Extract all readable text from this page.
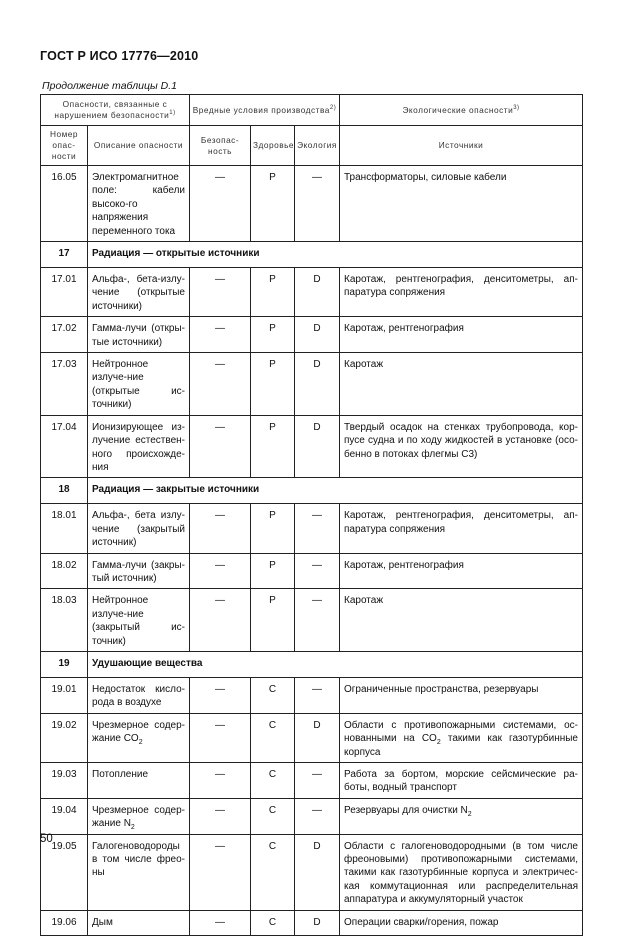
ГОСТ Р ИСО 17776—2010
Продолжение таблицы D.1
Опасности, связанные с нарушением безопасности$^{1)}$		Вредные условия производства$^{2)}$			Экологические опасности$^{3)}$
Номер опас-ности	Описание опасности	Безопас-ность	Здоровье	Экология	Источники
16.05	Электромагнитное поле: кабели высоко-го напряжения переменного тока	—	Р	—	Трансформаторы, силовые кабели
17	Радиация — открытые источники				
17.01	Альфа-, бета-излу-чение (открытые источники)	—	Р	D	Каротаж, рентгенография, денситометры, ап-паратура сопряжения
17.02	Гамма-лучи (откры-тые источники)	—	Р	D	Каротаж, рентгенография
17.03	Нейтронное излуче-ние (открытые ис-точники)	—	Р	D	Каротаж
17.04	Ионизирующее из-лучение естествен-ного происхожде-ния	—	Р	D	Твердый осадок на стенках трубопровода, кор-пусе судна и по ходу жидкостей в установке (осо-бенно в потоках флегмы С3)
18	Радиация — закрытые источники				
18.01	Альфа-, бета излу-чение (закрытый источник)	—	Р	—	Каротаж, рентгенография, денситометры, ап-паратура сопряжения
18.02	Гамма-лучи (закры-тый источник)	—	Р	—	Каротаж, рентгенография
18.03	Нейтронное излуче-ние (закрытый ис-точник)	—	Р	—	Каротаж
19	Удушающие вещества				
19.01	Недостаток кисло-рода в воздухе	—	С	—	Ограниченные пространства, резервуары
19.02	Чрезмерное содер-жание $CO_2$	—	С	D	Области с противопожарными системами, ос-нованными на $CO_2$ такими как газотурбинные корпуса
19.03	Потопление	—	С	—	Работа за бортом, морские сейсмические ра-боты, водный транспорт
19.04	Чрезмерное содер-жание $N_2$	—	С	—	Резервуары для очистки $N_2$
19.05	Галогеноводороды в том числе фрео-ны	—	С	D	Области с галогеноводородными (в том числе фреоновыми) противопожарными системами, такими как газотурбинные корпуса и электричес-кая коммутационная или распределительная аппаратура и аккумуляторный участок
19.06	Дым	—	С	D	Операции сварки/горения, пожар
50
